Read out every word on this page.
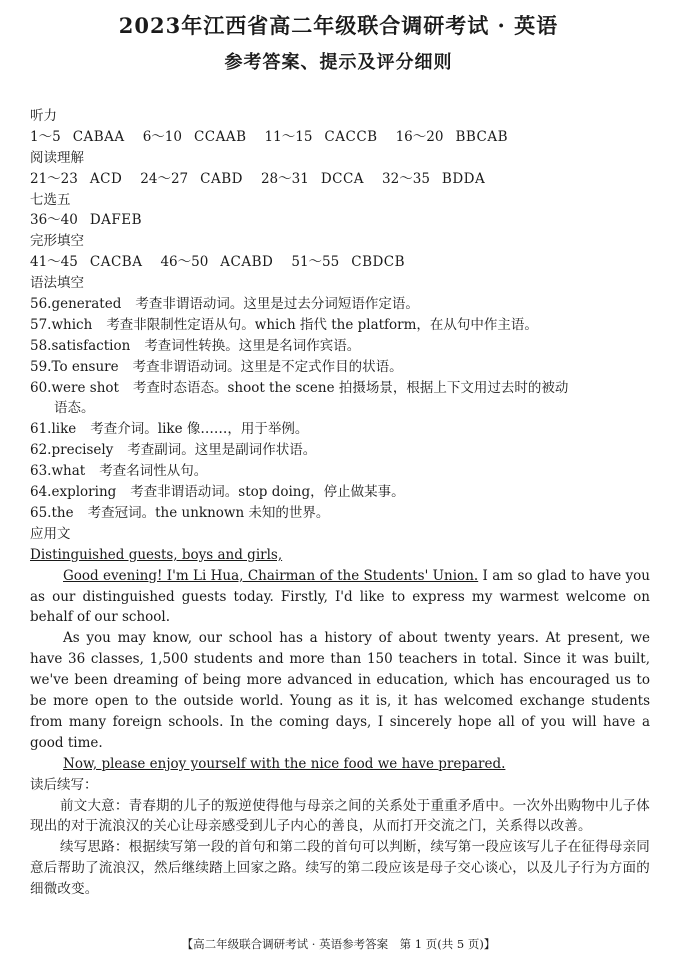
2023年江西省高二年级联合调研考试 · 英语
参考答案、提示及评分细则
听力
1～5 CABAA 6～10 CCAAB 11～15 CACCB 16～20 BBCAB
阅读理解
21～23 ACD 24～27 CABD 28～31 DCCA 32～35 BDDA
七选五
36～40 DAFEB
完形填空
41～45 CACBA 46～50 ACABD 51～55 CBDCB
语法填空
56.generated 考查非谓语动词。这里是过去分词短语作定语。
57.which 考查非限制性定语从句。which 指代 the platform，在从句中作主语。
58.satisfaction 考查词性转换。这里是名词作宾语。
59.To ensure 考查非谓语动词。这里是不定式作目的状语。
60.were shot 考查时态语态。shoot the scene 拍摄场景，根据上下文用过去时的被动
语态。
61.like 考查介词。like 像……，用于举例。
62.precisely 考查副词。这里是副词作状语。
63.what 考查名词性从句。
64.exploring 考查非谓语动词。stop doing，停止做某事。
65.the 考查冠词。the unknown 未知的世界。
应用文
Distinguished guests, boys and girls,
Good evening! I'm Li Hua, Chairman of the Students' Union. I am so glad to have you as our distinguished guests today. Firstly, I'd like to express my warmest welcome on behalf of our school.
As you may know, our school has a history of about twenty years. At present, we have 36 classes, 1,500 students and more than 150 teachers in total. Since it was built, we've been dreaming of being more advanced in education, which has encouraged us to be more open to the outside world. Young as it is, it has welcomed exchange students from many foreign schools. In the coming days, I sincerely hope all of you will have a good time.
Now, please enjoy yourself with the nice food we have prepared.
读后续写：
前文大意：青春期的儿子的叛逆使得他与母亲之间的关系处于重重矛盾中。一次外出购物中儿子体现出的对于流浪汉的关心让母亲感受到儿子内心的善良，从而打开交流之门，关系得以改善。
续写思路：根据续写第一段的首句和第二段的首句可以判断，续写第一段应该写儿子在征得母亲同意后帮助了流浪汉，然后继续踏上回家之路。续写的第二段应该是母子交心谈心，以及儿子行为方面的细微改变。
【高二年级联合调研考试 · 英语参考答案　第 1 页(共 5 页)】
